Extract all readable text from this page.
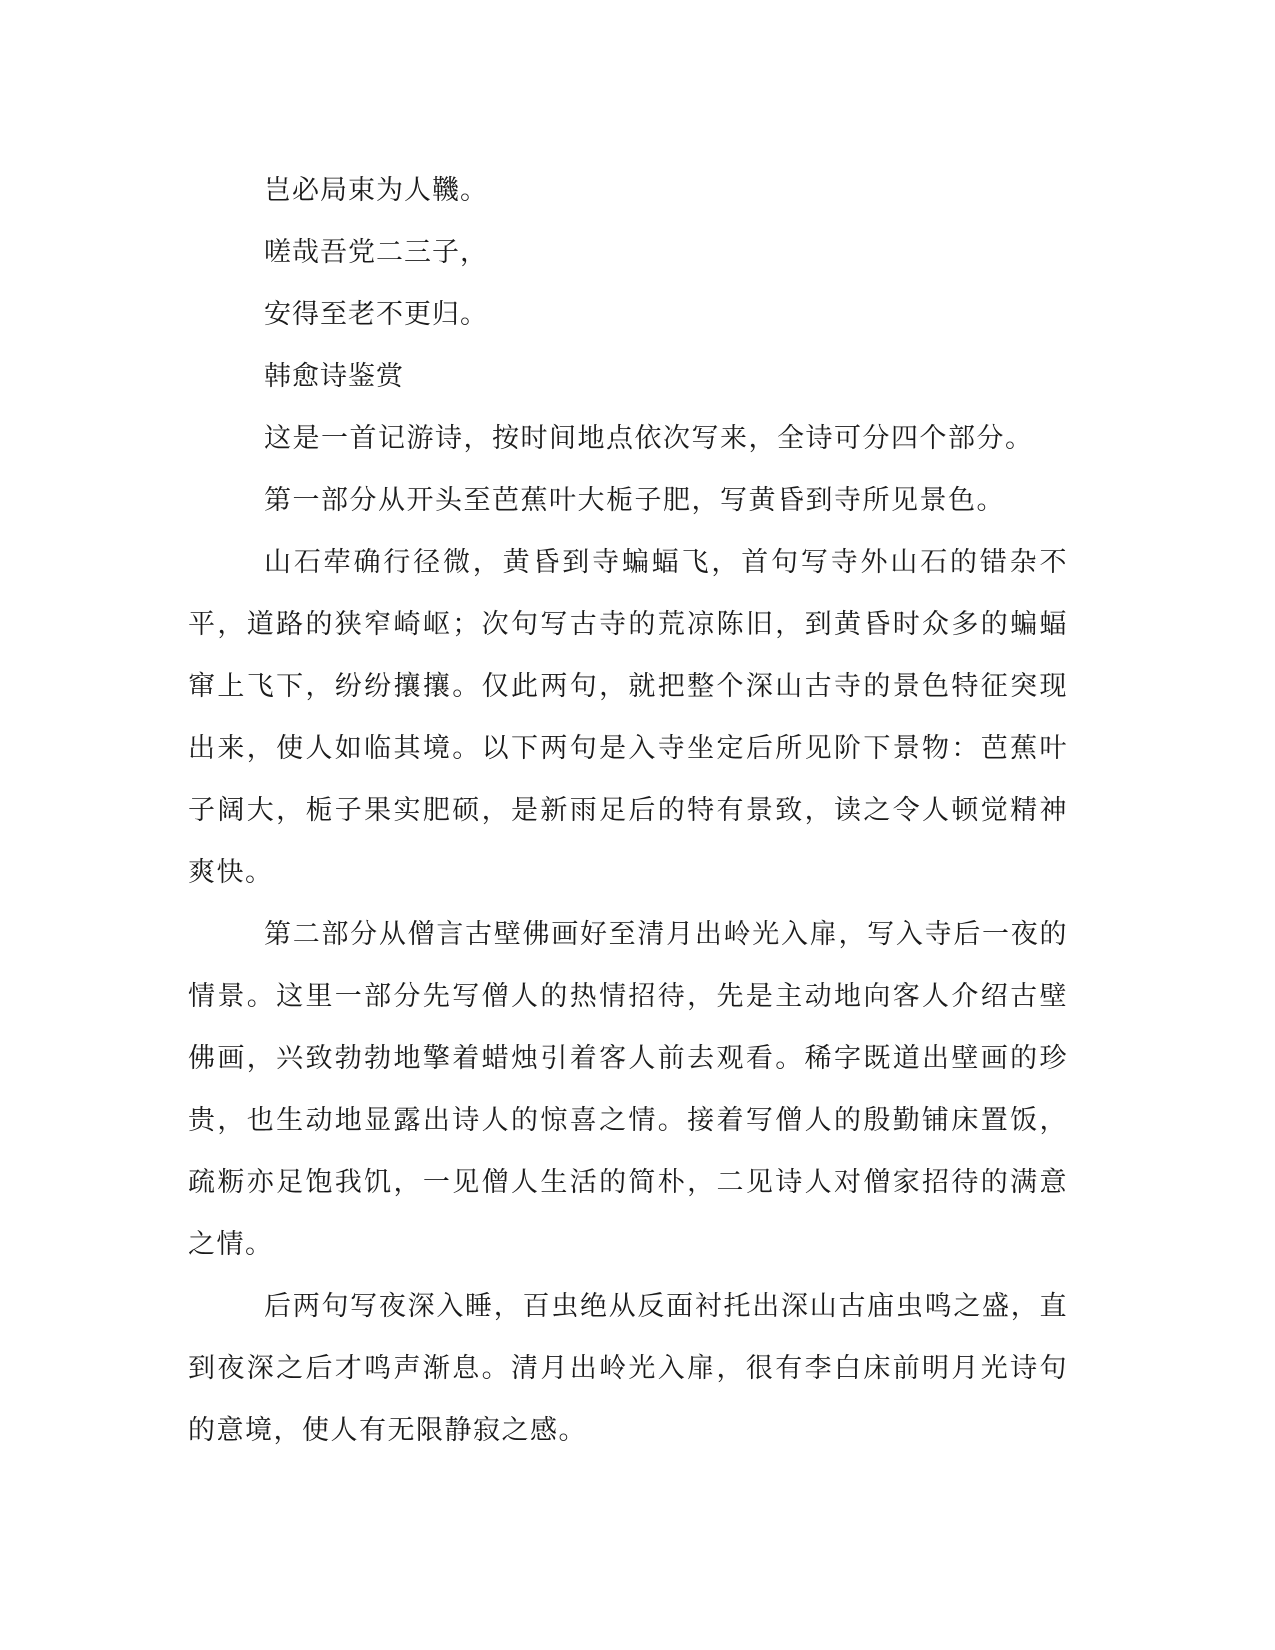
岂必局束为人鞿。

嗟哉吾党二三子，

安得至老不更归。

韩愈诗鉴赏

这是一首记游诗，按时间地点依次写来，全诗可分四个部分。

第一部分从开头至芭蕉叶大栀子肥，写黄昏到寺所见景色。

山石荦确行径微，黄昏到寺蝙蝠飞，首句写寺外山石的错杂不平，道路的狭窄崎岖；次句写古寺的荒凉陈旧，到黄昏时众多的蝙蝠窜上飞下，纷纷攘攘。仅此两句，就把整个深山古寺的景色特征突现出来，使人如临其境。以下两句是入寺坐定后所见阶下景物：芭蕉叶子阔大，栀子果实肥硕，是新雨足后的特有景致，读之令人顿觉精神爽快。

第二部分从僧言古壁佛画好至清月出岭光入扉，写入寺后一夜的情景。这里一部分先写僧人的热情招待，先是主动地向客人介绍古壁佛画，兴致勃勃地擎着蜡烛引着客人前去观看。稀字既道出壁画的珍贵，也生动地显露出诗人的惊喜之情。接着写僧人的殷勤铺床置饭，疏粝亦足饱我饥，一见僧人生活的简朴，二见诗人对僧家招待的满意之情。

后两句写夜深入睡，百虫绝从反面衬托出深山古庙虫鸣之盛，直到夜深之后才鸣声渐息。清月出岭光入扉，很有李白床前明月光诗句的意境，使人有无限静寂之感。
